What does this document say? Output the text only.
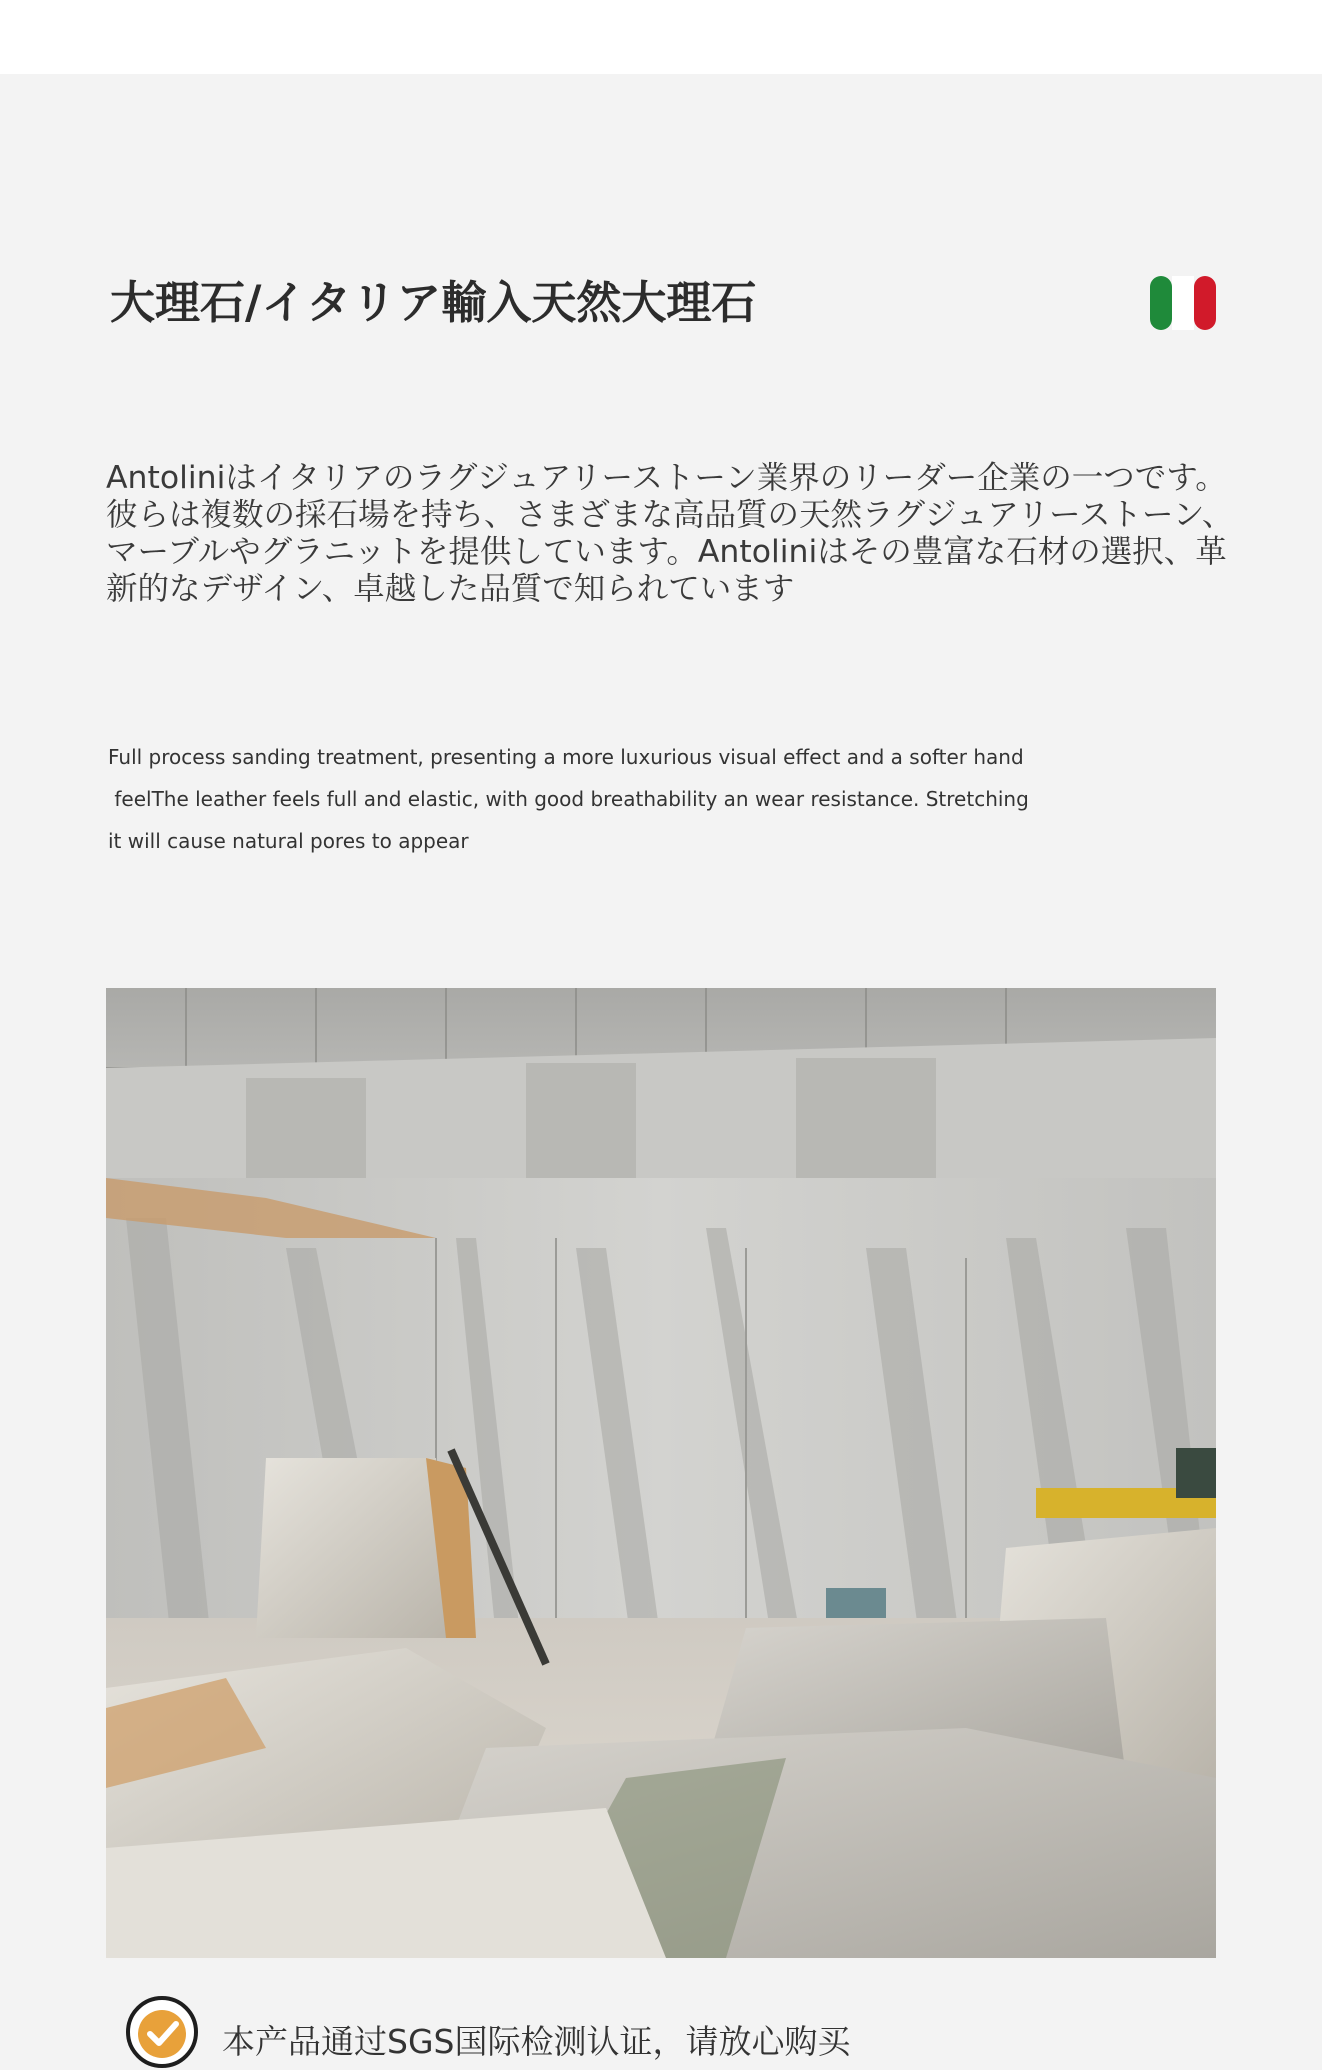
大理石/イタリア輸入天然大理石
Antoliniはイタリアのラグジュアリーストーン業界のリーダー企業の一つです。彼らは複数の採石場を持ち、さまざまな高品質の天然ラグジュアリーストーン、マーブルやグラニットを提供しています。Antoliniはその豊富な石材の選択、革新的なデザイン、卓越した品質で知られています
Full process sanding treatment, presenting a more luxurious visual effect and a softer hand
feelThe leather feels full and elastic, with good breathability an wear resistance. Stretching
it will cause natural pores to appear
本产品通过SGS国际检测认证，请放心购买
